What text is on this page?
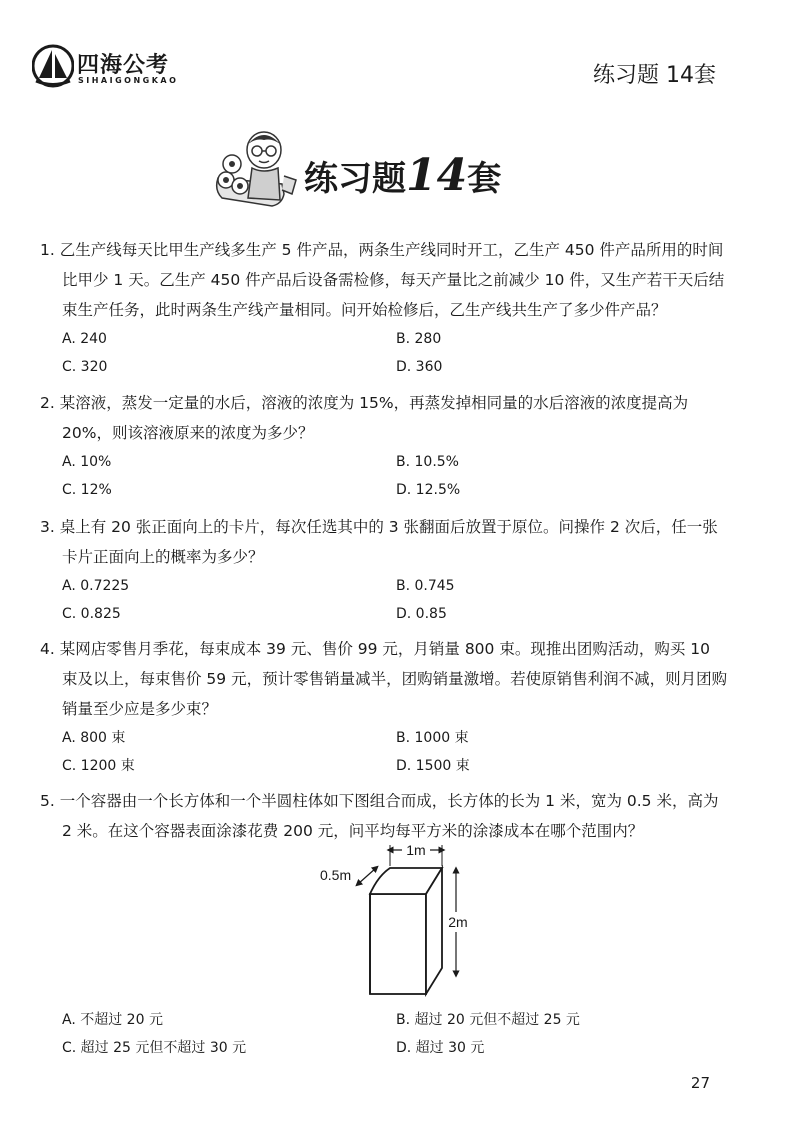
四海公考
SIHAIGONGKAO	练习题 14套
练习题14套
1. 乙生产线每天比甲生产线多生产 5 件产品，两条生产线同时开工，乙生产 450 件产品所用的时间比甲少 1 天。乙生产 450 件产品后设备需检修，每天产量比之前减少 10 件，又生产若干天后结束生产任务，此时两条生产线产量相同。问开始检修后，乙生产线共生产了多少件产品？
A. 240	B. 280
C. 320	D. 360
2. 某溶液，蒸发一定量的水后，溶液的浓度为 15%，再蒸发掉相同量的水后溶液的浓度提高为 20%，则该溶液原来的浓度为多少？
A. 10%	B. 10.5%
C. 12%	D. 12.5%
3. 桌上有 20 张正面向上的卡片，每次任选其中的 3 张翻面后放置于原位。问操作 2 次后，任一张卡片正面向上的概率为多少？
A. 0.7225	B. 0.745
C. 0.825	D. 0.85
4. 某网店零售月季花，每束成本 39 元、售价 99 元，月销量 800 束。现推出团购活动，购买 10 束及以上，每束售价 59 元，预计零售销量减半，团购销量激增。若使原销售利润不减，则月团购销量至少应是多少束？
A. 800 束	B. 1000 束
C. 1200 束	D. 1500 束
5. 一个容器由一个长方体和一个半圆柱体如下图组合而成，长方体的长为 1 米，宽为 0.5 米，高为 2 米。在这个容器表面涂漆花费 200 元，问平均每平方米的涂漆成本在哪个范围内？
1m
0.5m
2m
A. 不超过 20 元	B. 超过 20 元但不超过 25 元
C. 超过 25 元但不超过 30 元	D. 超过 30 元
27
